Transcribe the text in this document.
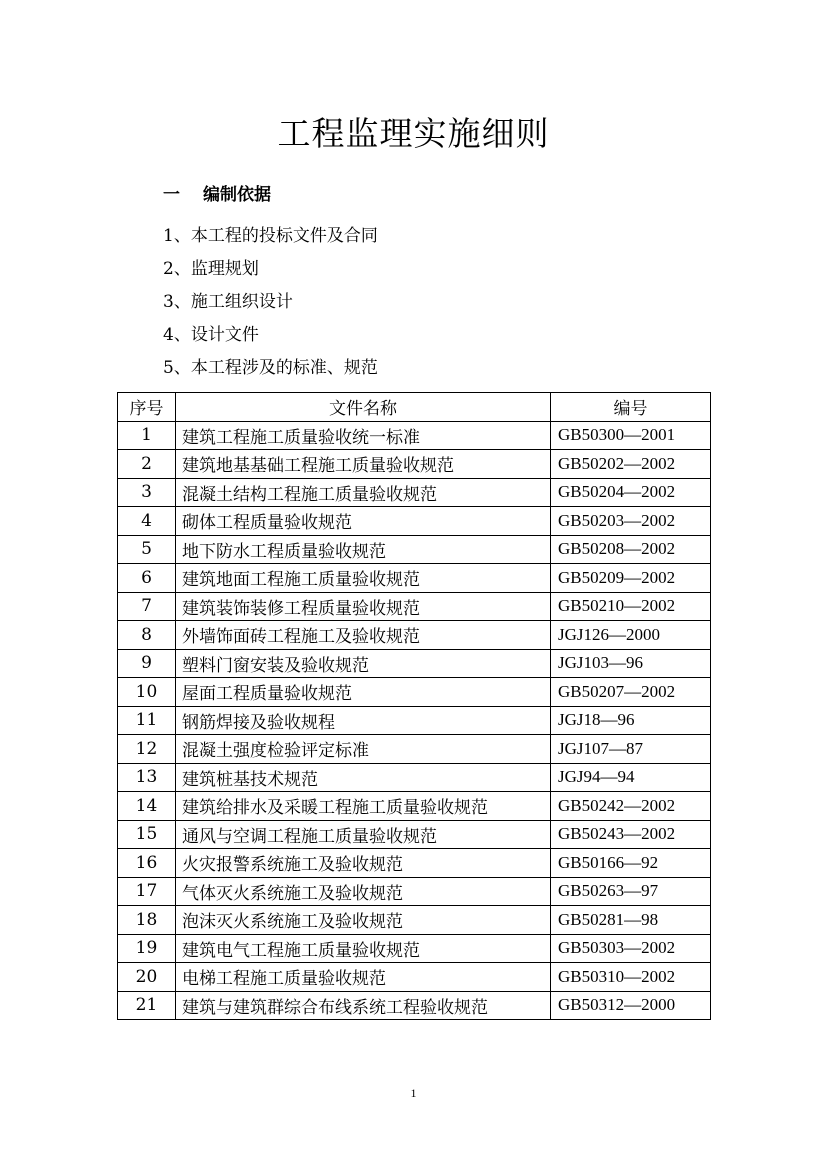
工程监理实施细则
一 编制依据
1、本工程的投标文件及合同
2、监理规划
3、施工组织设计
4、设计文件
5、本工程涉及的标准、规范
序号	文件名称	编号
1	建筑工程施工质量验收统一标准	GB50300—2001
2	建筑地基基础工程施工质量验收规范	GB50202—2002
3	混凝土结构工程施工质量验收规范	GB50204—2002
4	砌体工程质量验收规范	GB50203—2002
5	地下防水工程质量验收规范	GB50208—2002
6	建筑地面工程施工质量验收规范	GB50209—2002
7	建筑装饰装修工程质量验收规范	GB50210—2002
8	外墙饰面砖工程施工及验收规范	JGJ126—2000
9	塑料门窗安装及验收规范	JGJ103—96
10	屋面工程质量验收规范	GB50207—2002
11	钢筋焊接及验收规程	JGJ18—96
12	混凝土强度检验评定标准	JGJ107—87
13	建筑桩基技术规范	JGJ94—94
14	建筑给排水及采暖工程施工质量验收规范	GB50242—2002
15	通风与空调工程施工质量验收规范	GB50243—2002
16	火灾报警系统施工及验收规范	GB50166—92
17	气体灭火系统施工及验收规范	GB50263—97
18	泡沫灭火系统施工及验收规范	GB50281—98
19	建筑电气工程施工质量验收规范	GB50303—2002
20	电梯工程施工质量验收规范	GB50310—2002
21	建筑与建筑群综合布线系统工程验收规范	GB50312—2000
1
